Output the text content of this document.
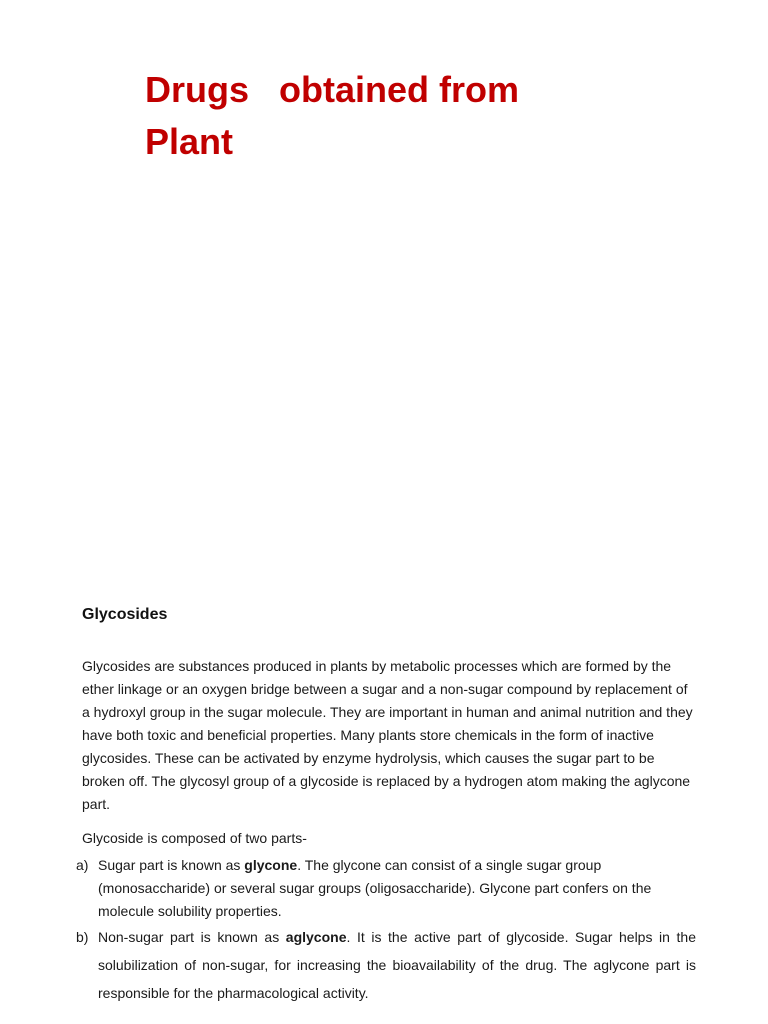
Drugs   obtained from
Plant
Glycosides

Glycosides are substances produced in plants by metabolic processes which are formed by the ether linkage or an oxygen bridge between a sugar and a non-sugar compound by replacement of a hydroxyl group in the sugar molecule. They are important in human and animal nutrition and they have both toxic and beneficial properties. Many plants store chemicals in the form of inactive glycosides. These can be activated by enzyme hydrolysis, which causes the sugar part to be broken off. The glycosyl group of a glycoside is replaced by a hydrogen atom making the aglycone part.

Glycoside is composed of two parts-

a) Sugar part is known as glycone. The glycone can consist of a single sugar group (monosaccharide) or several sugar groups (oligosaccharide). Glycone part confers on the molecule solubility properties.
b) Non-sugar part is known as aglycone. It is the active part of glycoside. Sugar helps in the solubilization of non-sugar, for increasing the bioavailability of the drug. The aglycone part is responsible for the pharmacological activity.
